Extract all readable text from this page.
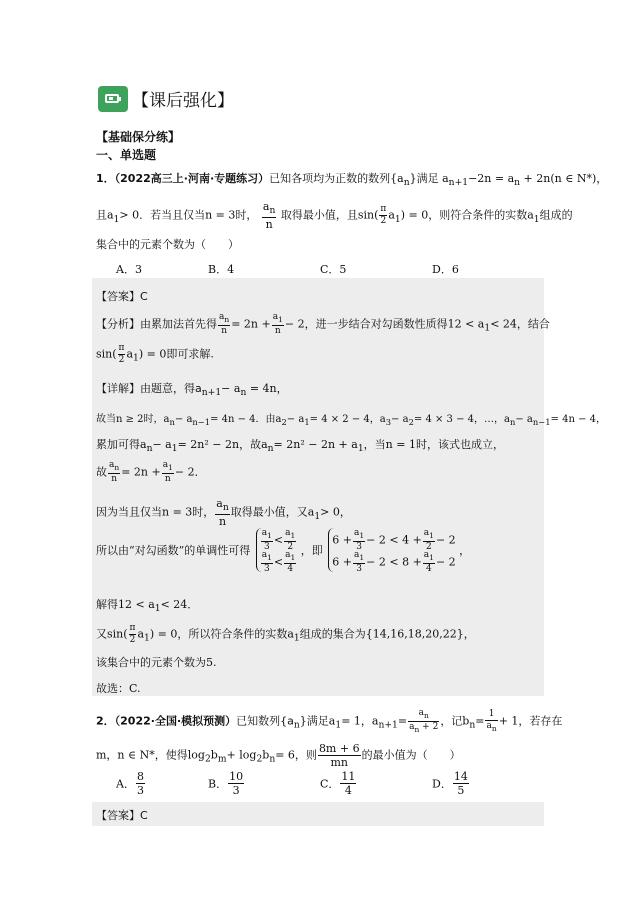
【课后强化】
【基础保分练】
一、单选题
1．（2022高三上·河南·专题练习）已知各项均为正数的数列$\{a_n\}$满足 $a_{n+1}-2n = a_n + 2n(n$ ∈ N*)，
且$a_1> 0$．若当且仅当n = 3时， $\frac{a_n}{n}$ 取得最小值，且$\sin( \frac{\pi}{2} a_1) = 0$，则符合条件的实数$a_1$组成的
集合中的元素个数为（　　）
A．3	B．4	C．5	D．6
【答案】C
【分析】由累加法首先得 $\frac{a_n}{n} = 2n + \frac{a_1}{n} - 2$，进一步结合对勾函数性质得$12 < a_1< 24$，结合
$\sin( \frac{\pi}{2} a_1) = 0$即可求解.
【详解】由题意，得$a_{n+1}- a_n = 4n$，
故当n ≥ 2时，$a_n- a_{n-1}= 4n - 4$．由$a_2- a_1= 4 \times 2 - 4$，$a_3- a_2= 4 \times 3 - 4$，…，$a_n- a_{n-1}= 4n - 4$，
累加可得$a_n- a_1= 2n^2 - 2n$，故$a_n= 2n^2 - 2n + a_1$，当n = 1时，该式也成立，
故 $\frac{a_n}{n} = 2n + \frac{a_1}{n} - 2$．
因为当且仅当n = 3时， $\frac{a_n}{n}$ 取得最小值，又$a_1> 0$，
所以由“对勾函数”的单调性可得 $\frac{a_1}{3} < \frac{a_1}{2}$
$\frac{a_1}{3} < \frac{a_1}{4}$ ，即
$6 + \frac{a_1}{3} - 2 < 4 + \frac{a_1}{2} - 2$
$6 + \frac{a_1}{3} - 2 < 8 + \frac{a_1}{4} - 2$
，
解得$12 < a_1< 24$．
又$\sin( \frac{\pi}{2} a_1) = 0$，所以符合条件的实数$a_1$组成的集合为{14,16,18,20,22}，
该集合中的元素个数为5.
故选：C.
2．（2022·全国·模拟预测）已知数列$\{a_n\}$满足$a_1= 1$，$a_{n+1}= \frac{a_n}{a_n + 2}$ ，记$b_n= \frac{1}{a_n} + 1$，若存在
m，n ∈ N*，使得$\log_2b_m+ \log_2b_n= 6$，则 $\frac{8m + 6}{mn}$ 的最小值为（　　）
A． $\frac{8}{3}$	B． $\frac{10}{3}$	C． $\frac{11}{4}$	D． $\frac{14}{5}$
【答案】C
